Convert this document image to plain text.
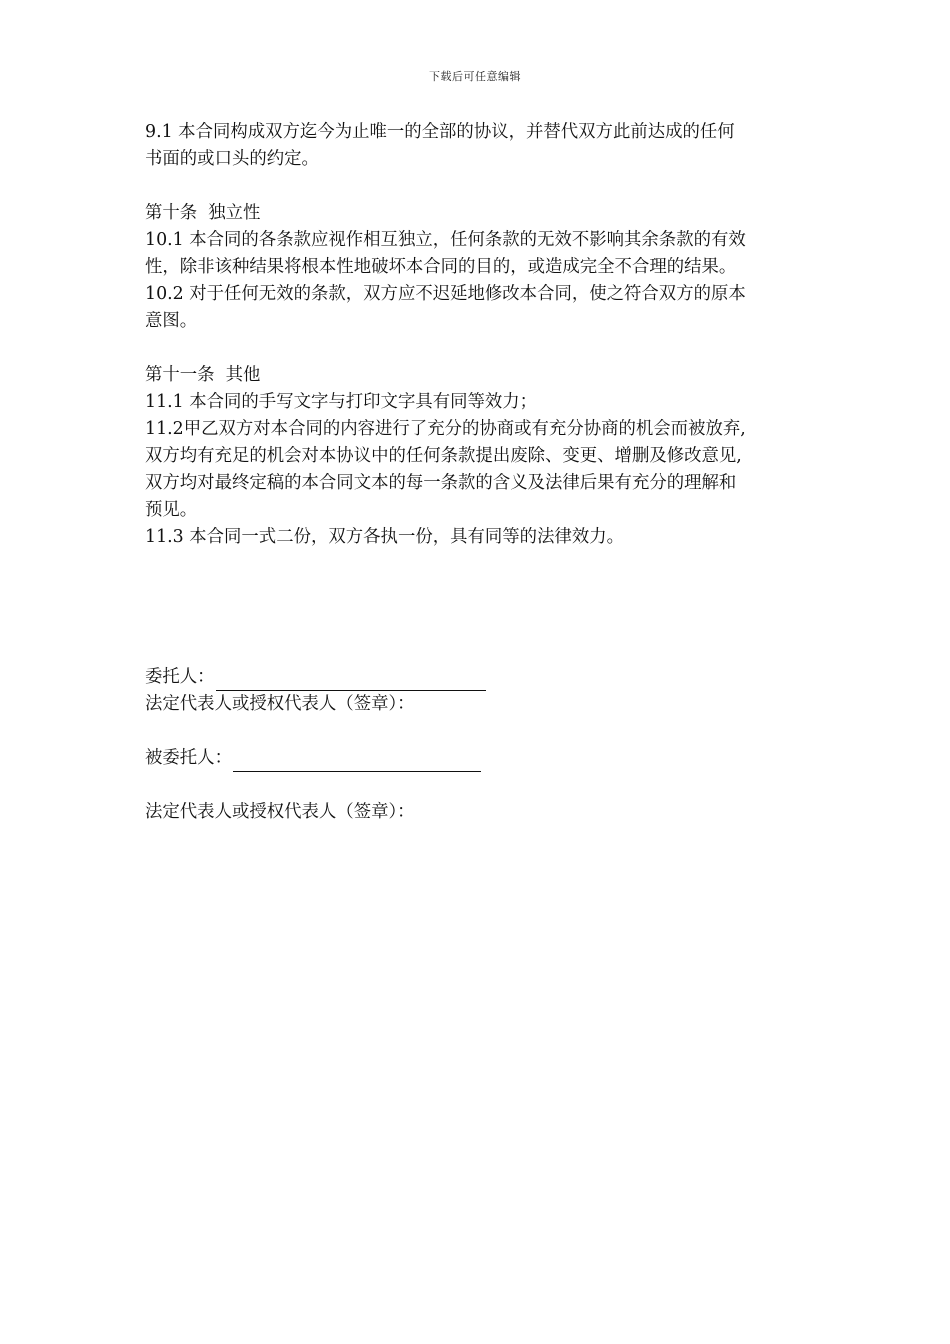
下载后可任意编辑
9.1 本合同构成双方迄今为止唯一的全部的协议，并替代双方此前达成的任何
书面的或口头的约定。
第十条  独立性
10.1 本合同的各条款应视作相互独立，任何条款的无效不影响其余条款的有效
性，除非该种结果将根本性地破坏本合同的目的，或造成完全不合理的结果。
10.2 对于任何无效的条款，双方应不迟延地修改本合同，使之符合双方的原本
意图。
第十一条  其他
11.1 本合同的手写文字与打印文字具有同等效力；
11.2甲乙双方对本合同的内容进行了充分的协商或有充分协商的机会而被放弃,
双方均有充足的机会对本协议中的任何条款提出废除、变更、增删及修改意见,
双方均对最终定稿的本合同文本的每一条款的含义及法律后果有充分的理解和
预见。
11.3 本合同一式二份，双方各执一份，具有同等的法律效力。
委托人：
法定代表人或授权代表人（签章）：
被委托人：
法定代表人或授权代表人（签章）：
